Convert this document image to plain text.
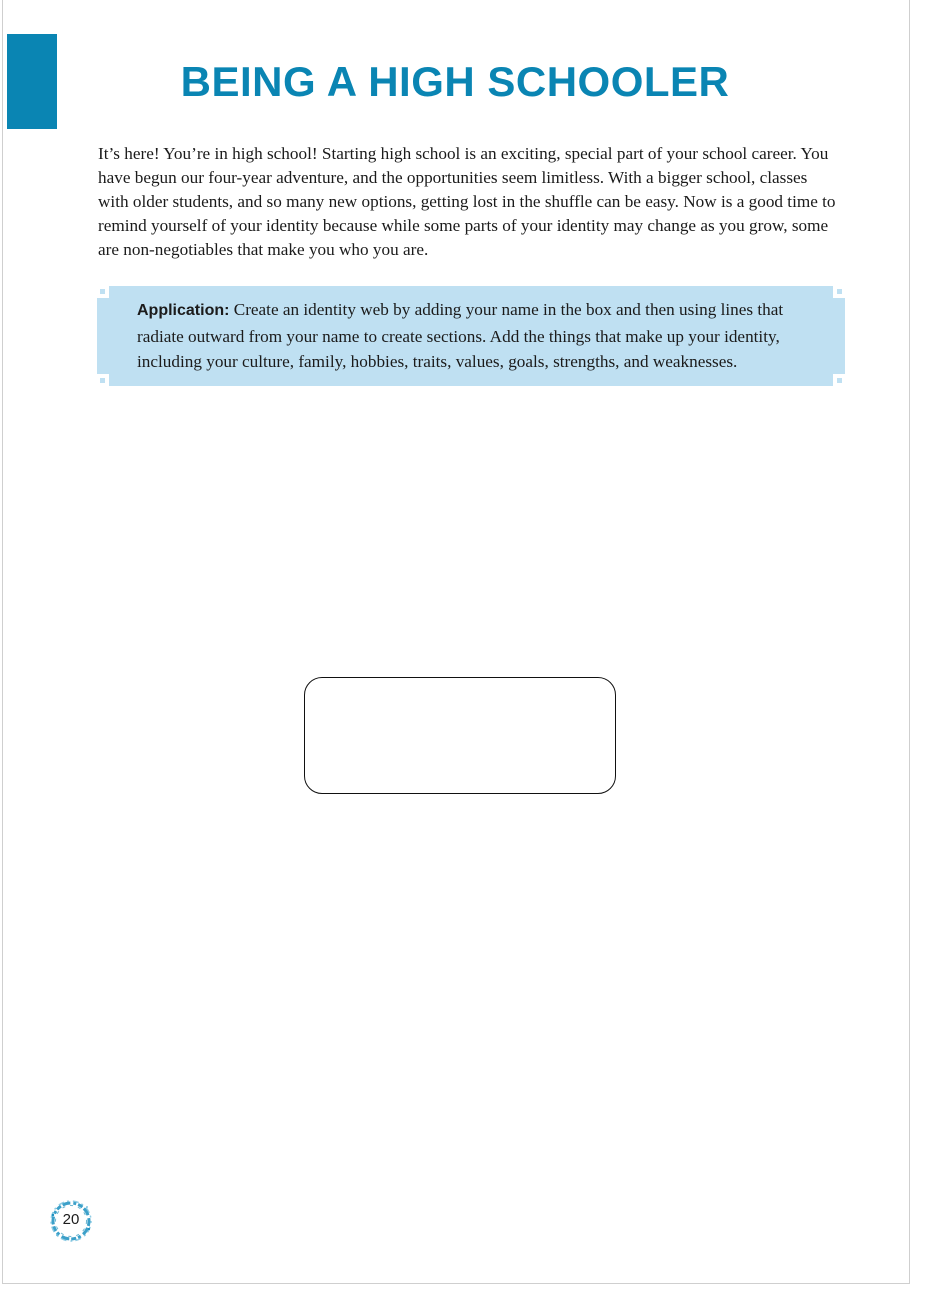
BEING A HIGH SCHOOLER

It’s here! You’re in high school! Starting high school is an exciting, special part of your school career. You have begun our four-year adventure, and the opportunities seem limitless. With a bigger school, classes with older students, and so many new options, getting lost in the shuffle can be easy. Now is a good time to remind yourself of your identity because while some parts of your identity may change as you grow, some are non-negotiables that make you who you are.

Application: Create an identity web by adding your name in the box and then using lines that radiate outward from your name to create sections. Add the things that make up your identity, including your culture, family, hobbies, traits, values, goals, strengths, and weaknesses.

20
